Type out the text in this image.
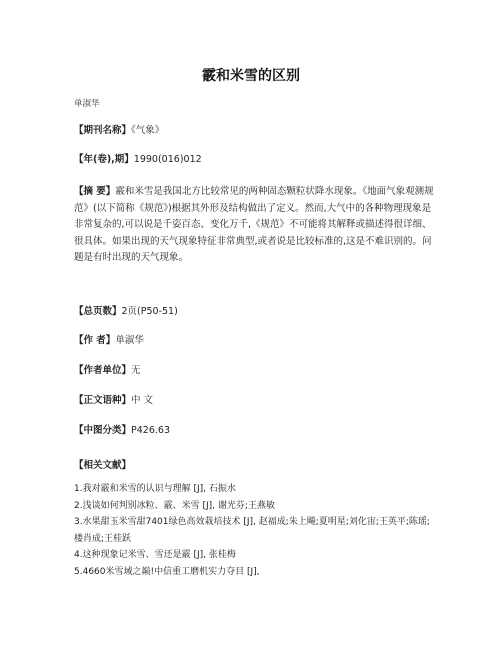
霰和米雪的区别
单淑华
【期刊名称】《气象》
【年(卷),期】1990(016)012
【摘 要】霰和米雪是我国北方比较常见的两种固态颗粒状降水现象。《地面气象观测规范》(以下简称《规范》)根据其外形及结构做出了定义。然而,大气中的各种物理现象是非常复杂的,可以说是千姿百态、变化万千,《规范》不可能将其解释或描述得很详细、很具体。如果出现的天气现象特征非常典型,或者说是比较标准的,这是不难识别的。问题是有时出现的天气现象。
【总页数】2页(P50-51)
【作 者】单淑华
【作者单位】无
【正文语种】中 文
【中图分类】P426.63
【相关文献】
1.我对霰和米雪的认识与理解 [J], 石振水
2.浅谈如何判别冰粒、霰、米雪 [J], 谢光芬;王燕敏
3.水果甜玉米雪甜7401绿色高效栽培技术 [J], 赵福成;朱上飚;夏明星;刘化宙;王英平;陈瑶;楼肖成;王桂跃
4.这种现象记米雪、雪还是霰 [J], 张桂梅
5.4660米雪域之巅!中信重工磨机实力夺目 [J],
